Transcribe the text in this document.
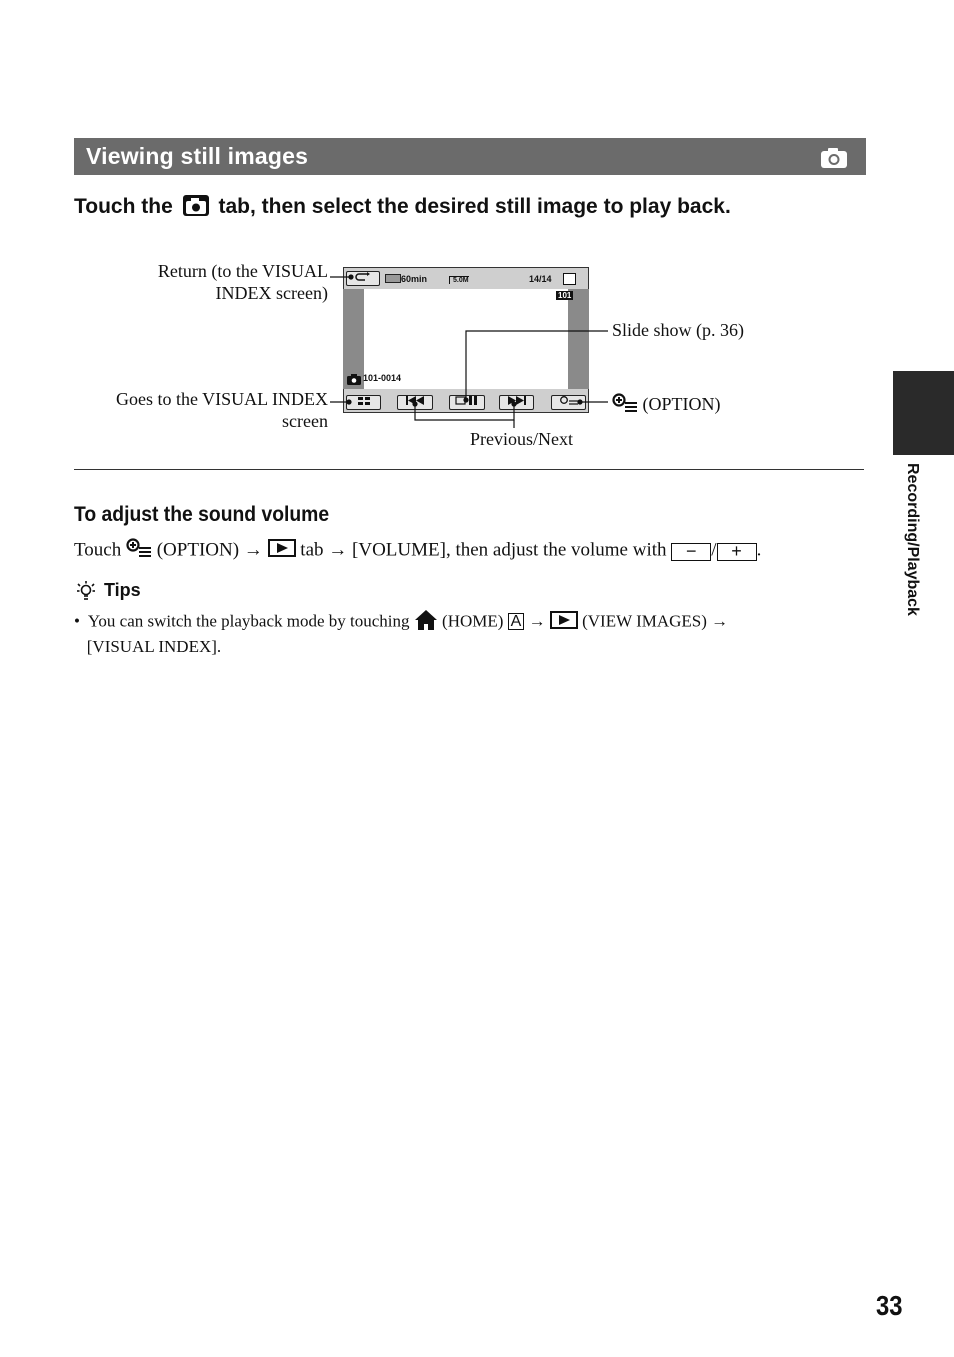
Viewing still images
Touch the tab, then select the desired still image to play back.
Return (to the VISUAL
INDEX screen)
Goes to the VISUAL INDEX
screen
Slide show (p. 36)
(OPTION)
Previous/Next
60min	5.0M	14/14
101
101-0014
To adjust the sound volume
Touch (OPTION) → tab → [VOLUME], then adjust the volume with − / + .
Tips
• You can switch the playback mode by touching (HOME) A → (VIEW IMAGES) →
[VISUAL INDEX].
Recording/Playback
33
